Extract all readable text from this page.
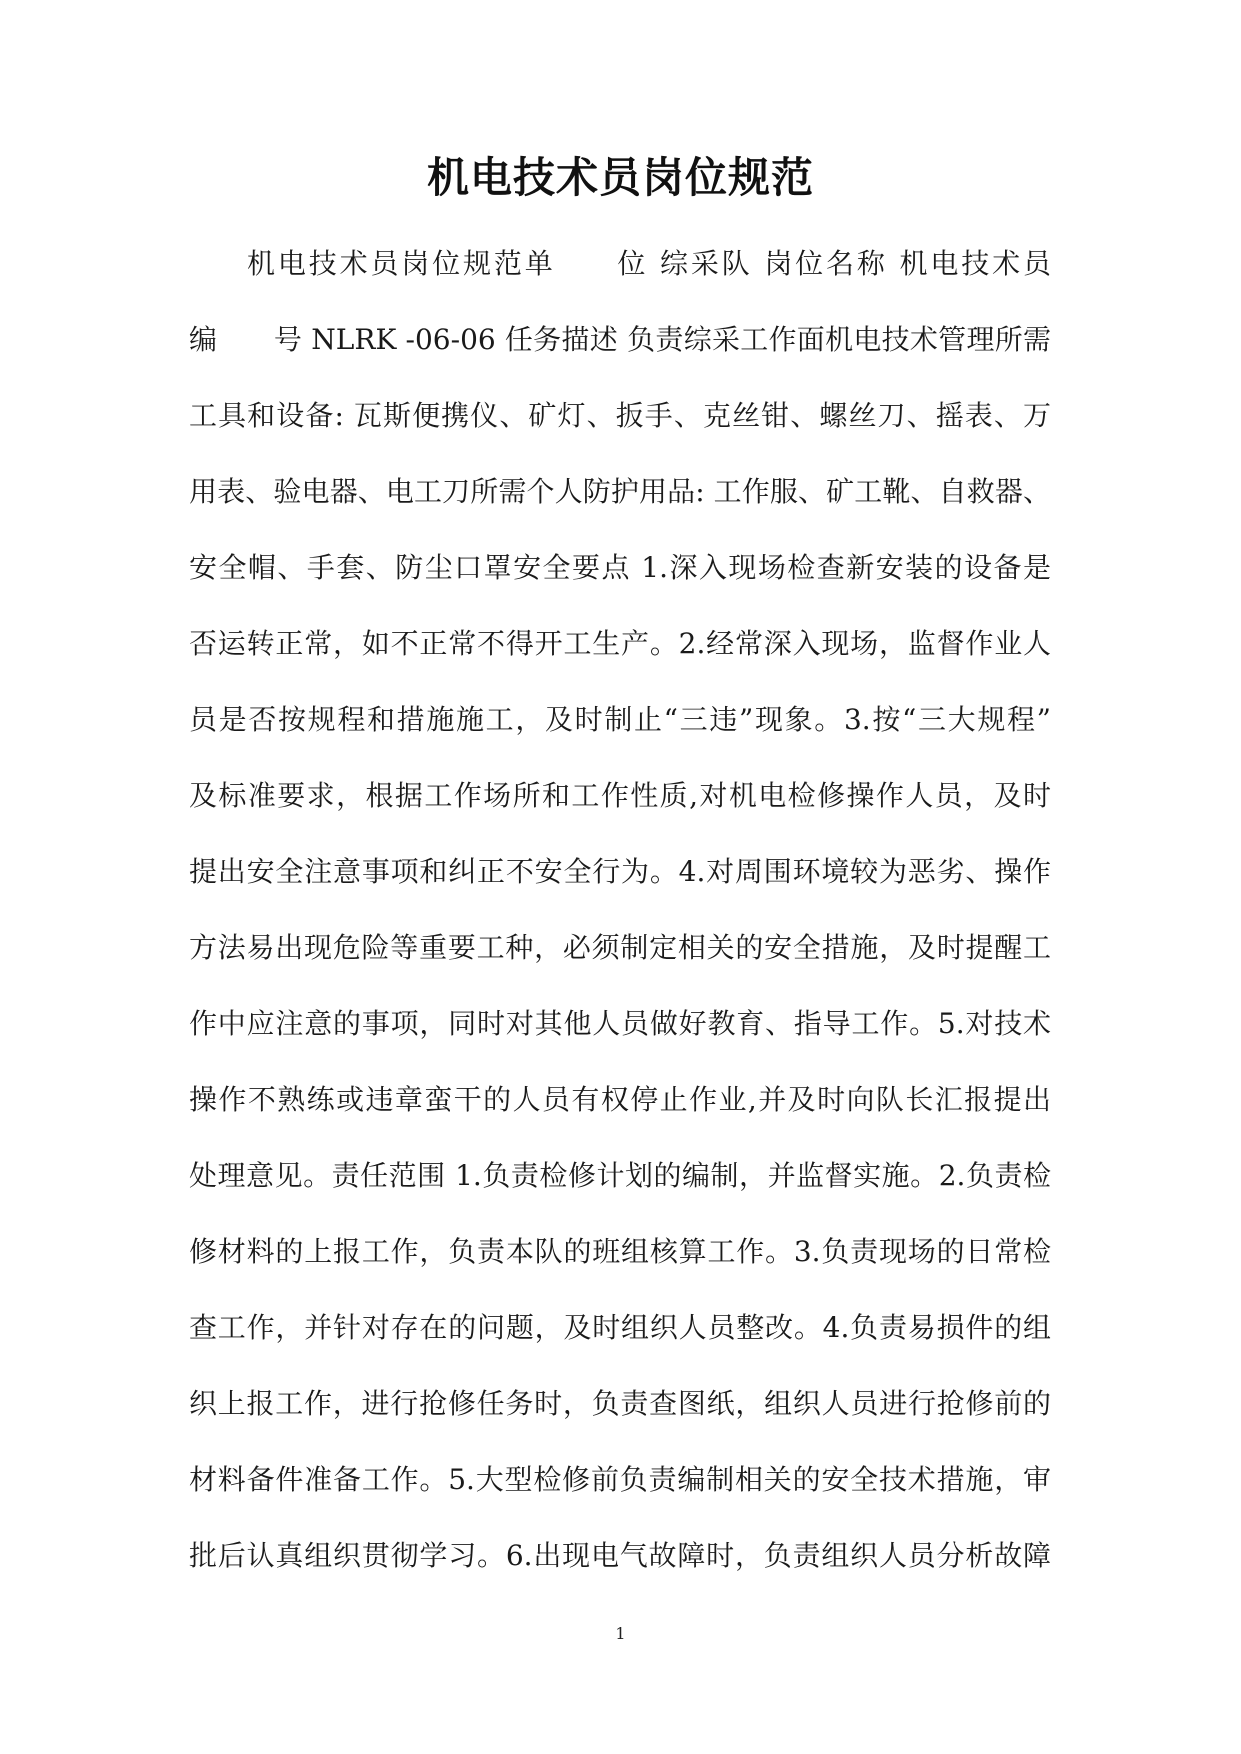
机电技术员岗位规范
机电技术员岗位规范单　　位 综采队 岗位名称 机电技术员
编　　号 NLRK -06-06 任务描述 负责综采工作面机电技术管理所需
工具和设备: 瓦斯便携仪、矿灯、扳手、克丝钳、螺丝刀、摇表、万
用表、验电器、电工刀所需个人防护用品: 工作服、矿工靴、自救器、
安全帽、手套、防尘口罩安全要点 1.深入现场检查新安装的设备是
否运转正常，如不正常不得开工生产。2.经常深入现场，监督作业人
员是否按规程和措施施工，及时制止“三违”现象。3.按“三大规程”
及标准要求，根据工作场所和工作性质,对机电检修操作人员，及时
提出安全注意事项和纠正不安全行为。4.对周围环境较为恶劣、操作
方法易出现危险等重要工种，必须制定相关的安全措施，及时提醒工
作中应注意的事项，同时对其他人员做好教育、指导工作。5.对技术
操作不熟练或违章蛮干的人员有权停止作业,并及时向队长汇报提出
处理意见。责任范围 1.负责检修计划的编制，并监督实施。2.负责检
修材料的上报工作，负责本队的班组核算工作。3.负责现场的日常检
查工作，并针对存在的问题，及时组织人员整改。4.负责易损件的组
织上报工作，进行抢修任务时，负责查图纸，组织人员进行抢修前的
材料备件准备工作。5.大型检修前负责编制相关的安全技术措施，审
批后认真组织贯彻学习。6.出现电气故障时，负责组织人员分析故障
1
